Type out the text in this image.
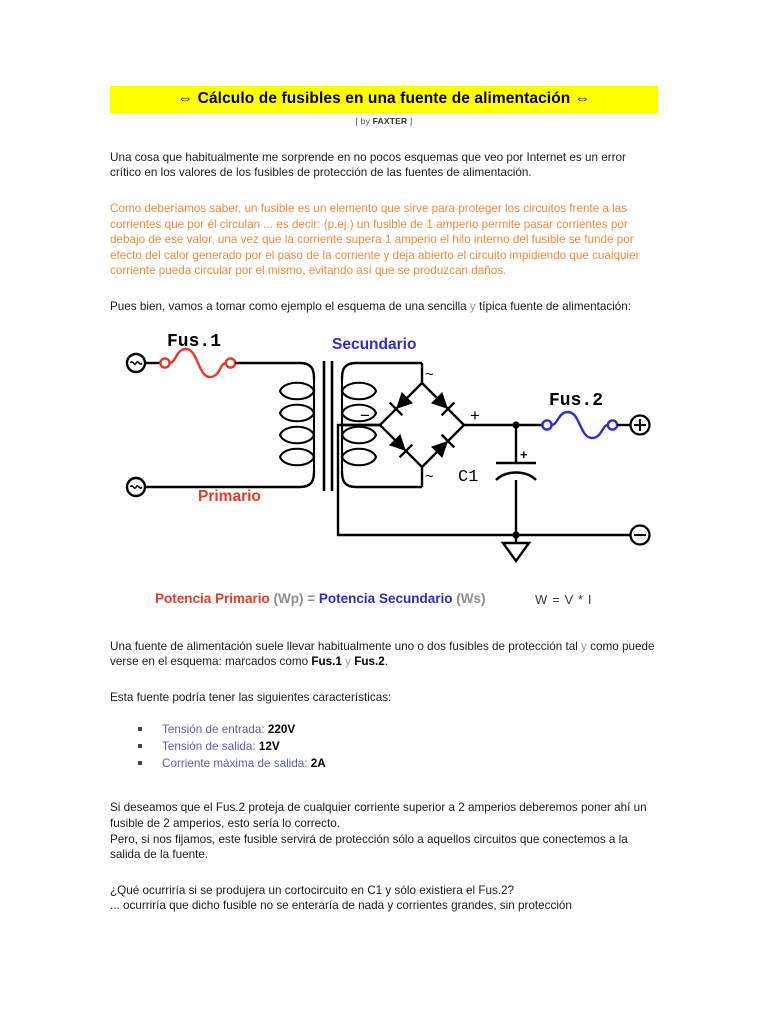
⇔ Cálculo de fusibles en una fuente de alimentación ⇔
[ by FAXTER ]

Una cosa que habitualmente me sorprende en no pocos esquemas que veo por Internet es un error crítico en los valores de los fusibles de protección de las fuentes de alimentación.

Como deberíamos saber, un fusible es un elemento que sirve para proteger los circuitos frente a las corrientes que por él circulan ... es decir: (p.ej.) un fusible de 1 amperio permite pasar corrientes por debajo de ese valor, una vez que la corriente supera 1 amperio el hilo interno del fusible se funde por efecto del calor generado por el paso de la corriente y deja abierto el circuito impidiendo que cualquier corriente pueda circular por el mismo, evitando así que se produzcan daños.

Pues bien, vamos a tomar como ejemplo el esquema de una sencilla y típica fuente de alimentación:

Fus.1
Primario
Secundario
~
~
−	+
+
C1
Fus.2
Potencia Primario (Wp) = Potencia Secundario (Ws)	W = V * I

Una fuente de alimentación suele llevar habitualmente uno o dos fusibles de protección tal y como puede verse en el esquema: marcados como Fus.1 y Fus.2.

Esta fuente podría tener las siguientes características:

Tensión de entrada: 220V
Tensión de salida: 12V
Corriente máxima de salida: 2A

Si deseamos que el Fus.2 proteja de cualquier corriente superior a 2 amperios deberemos poner ahí un fusible de 2 amperios, esto sería lo correcto.

Pero, si nos fijamos, este fusible servirá de protección sólo a aquellos circuitos que conectemos a la salida de la fuente.

¿Qué ocurriría si se produjera un cortocircuito en C1 y sólo existiera el Fus.2?

... ocurriría que dicho fusible no se enteraría de nada y corrientes grandes, sin protección
